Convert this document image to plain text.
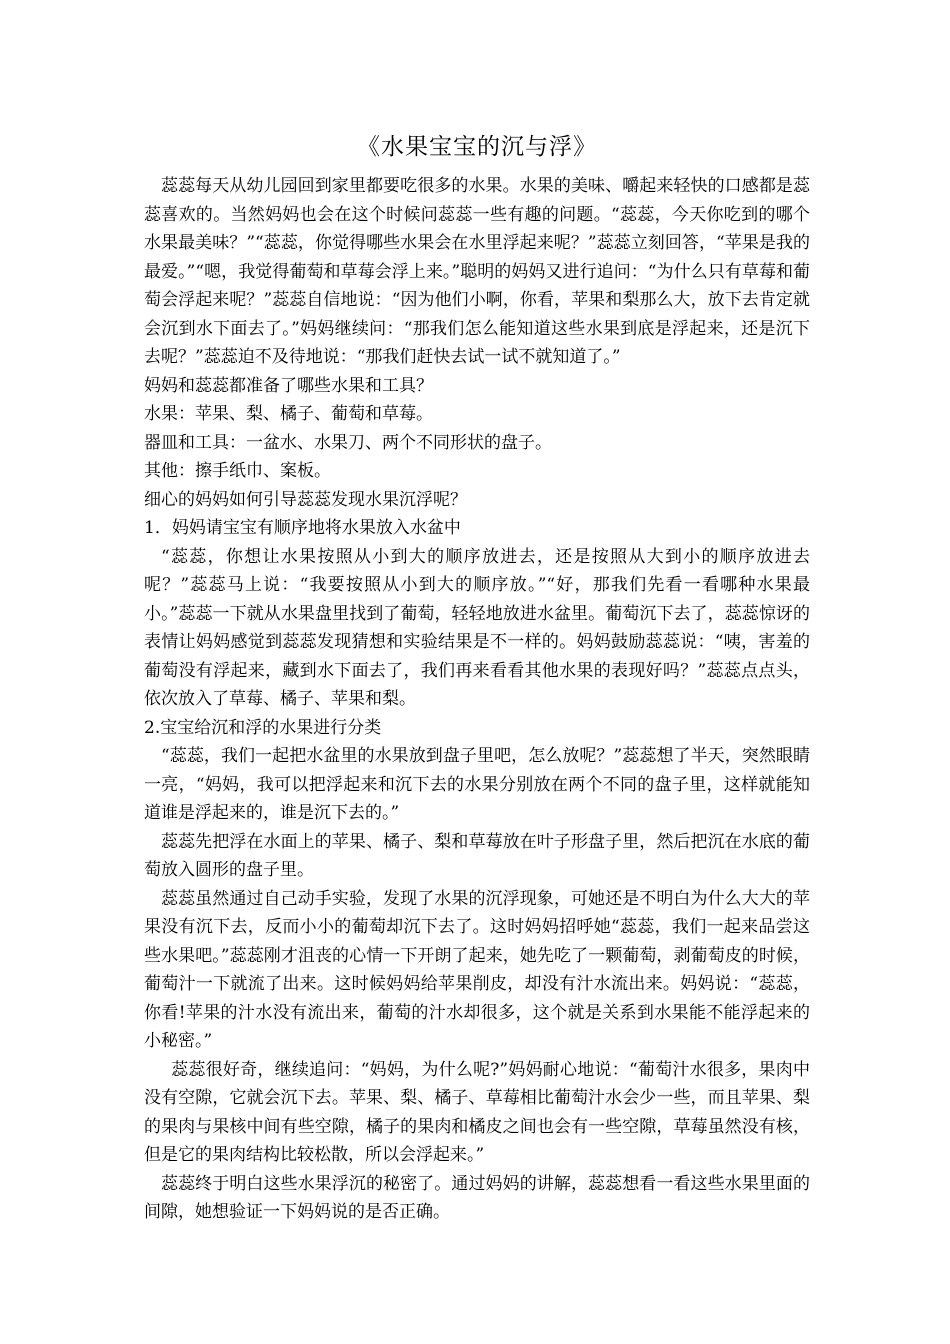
《水果宝宝的沉与浮》

蕊蕊每天从幼儿园回到家里都要吃很多的水果。水果的美味、嚼起来轻快的口感都是蕊蕊喜欢的。当然妈妈也会在这个时候问蕊蕊一些有趣的问题。“蕊蕊，今天你吃到的哪个水果最美味？”“蕊蕊，你觉得哪些水果会在水里浮起来呢？”蕊蕊立刻回答，“苹果是我的最爱。”“嗯，我觉得葡萄和草莓会浮上来。”聪明的妈妈又进行追问：“为什么只有草莓和葡萄会浮起来呢？”蕊蕊自信地说：“因为他们小啊，你看，苹果和梨那么大，放下去肯定就会沉到水下面去了。”妈妈继续问：“那我们怎么能知道这些水果到底是浮起来，还是沉下去呢？”蕊蕊迫不及待地说：“那我们赶快去试一试不就知道了。”

妈妈和蕊蕊都准备了哪些水果和工具？

水果：苹果、梨、橘子、葡萄和草莓。

器皿和工具：一盆水、水果刀、两个不同形状的盘子。

其他：擦手纸巾、案板。

细心的妈妈如何引导蕊蕊发现水果沉浮呢？

1．妈妈请宝宝有顺序地将水果放入水盆中

“蕊蕊，你想让水果按照从小到大的顺序放进去，还是按照从大到小的顺序放进去呢？”蕊蕊马上说：“我要按照从小到大的顺序放。”“好，那我们先看一看哪种水果最小。”蕊蕊一下就从水果盘里找到了葡萄，轻轻地放进水盆里。葡萄沉下去了，蕊蕊惊讶的表情让妈妈感觉到蕊蕊发现猜想和实验结果是不一样的。妈妈鼓励蕊蕊说：“咦，害羞的葡萄没有浮起来，藏到水下面去了，我们再来看看其他水果的表现好吗？”蕊蕊点点头，依次放入了草莓、橘子、苹果和梨。

2.宝宝给沉和浮的水果进行分类

“蕊蕊，我们一起把水盆里的水果放到盘子里吧，怎么放呢？”蕊蕊想了半天，突然眼睛一亮，“妈妈，我可以把浮起来和沉下去的水果分别放在两个不同的盘子里，这样就能知道谁是浮起来的，谁是沉下去的。”

蕊蕊先把浮在水面上的苹果、橘子、梨和草莓放在叶子形盘子里，然后把沉在水底的葡萄放入圆形的盘子里。

蕊蕊虽然通过自己动手实验，发现了水果的沉浮现象，可她还是不明白为什么大大的苹果没有沉下去，反而小小的葡萄却沉下去了。这时妈妈招呼她“蕊蕊，我们一起来品尝这些水果吧。”蕊蕊刚才沮丧的心情一下开朗了起来，她先吃了一颗葡萄，剥葡萄皮的时候，葡萄汁一下就流了出来。这时候妈妈给苹果削皮，却没有汁水流出来。妈妈说：“蕊蕊，你看!苹果的汁水没有流出来，葡萄的汁水却很多，这个就是关系到水果能不能浮起来的小秘密。”

蕊蕊很好奇，继续追问：“妈妈，为什么呢?”妈妈耐心地说：“葡萄汁水很多，果肉中没有空隙，它就会沉下去。苹果、梨、橘子、草莓相比葡萄汁水会少一些，而且苹果、梨的果肉与果核中间有些空隙，橘子的果肉和橘皮之间也会有一些空隙，草莓虽然没有核，但是它的果肉结构比较松散，所以会浮起来。”

蕊蕊终于明白这些水果浮沉的秘密了。通过妈妈的讲解，蕊蕊想看一看这些水果里面的间隙，她想验证一下妈妈说的是否正确。
